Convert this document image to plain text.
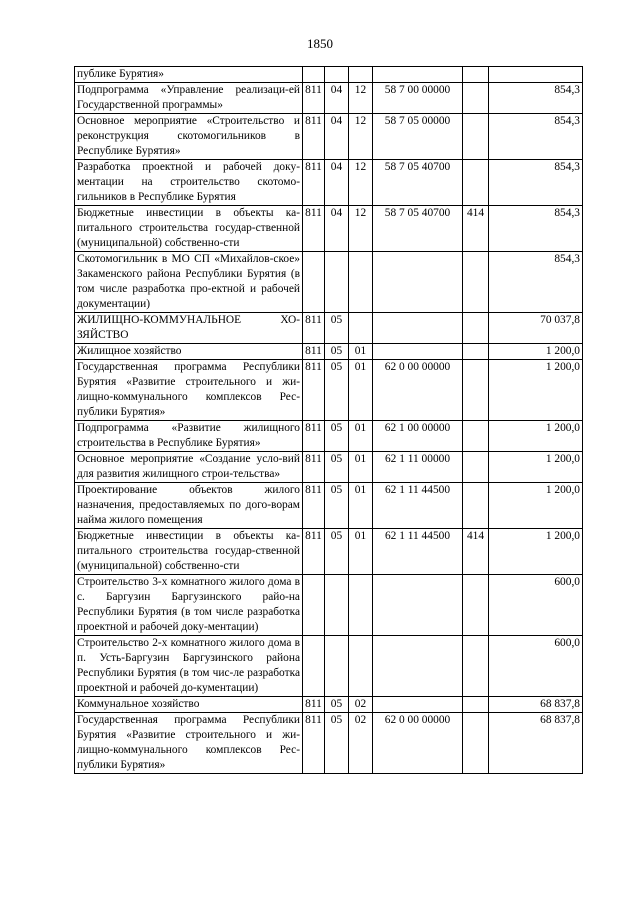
1850
публике Бурятия»						
Подпрограмма «Управление реализаци-ей Государственной программы»	811	04	12	58 7 00 00000		854,3
Основное мероприятие «Строительство и реконструкция скотомогильников в Республике Бурятия»	811	04	12	58 7 05 00000		854,3
Разработка проектной и рабочей доку-ментации на строительство скотомо-гильников в Республике Бурятия	811	04	12	58 7 05 40700		854,3
Бюджетные инвестиции в объекты ка-питального строительства государ-ственной (муниципальной) собственно-сти	811	04	12	58 7 05 40700	414	854,3
Скотомогильник в МО СП «Михайлов-ское» Закаменского района Республики Бурятия (в том числе разработка про-ектной и рабочей документации)						854,3
ЖИЛИЩНО-КОММУНАЛЬНОЕ ХО-ЗЯЙСТВО	811	05				70 037,8
Жилищное хозяйство	811	05	01			1 200,0
Государственная программа Республики Бурятия «Развитие строительного и жи-лищно-коммунального комплексов Рес-публики Бурятия»	811	05	01	62 0 00 00000		1 200,0
Подпрограмма «Развитие жилищного строительства в Республике Бурятия»	811	05	01	62 1 00 00000		1 200,0
Основное мероприятие «Создание усло-вий для развития жилищного строи-тельства»	811	05	01	62 1 11 00000		1 200,0
Проектирование объектов жилого назначения, предоставляемых по дого-ворам найма жилого помещения	811	05	01	62 1 11 44500		1 200,0
Бюджетные инвестиции в объекты ка-питального строительства государ-ственной (муниципальной) собственно-сти	811	05	01	62 1 11 44500	414	1 200,0
Строительство 3-х комнатного жилого дома в с. Баргузин Баргузинского райо-на Республики Бурятия (в том числе разработка проектной и рабочей доку-ментации)						600,0
Строительство 2-х комнатного жилого дома в п. Усть-Баргузин Баргузинского района Республики Бурятия (в том чис-ле разработка проектной и рабочей до-кументации)						600,0
Коммунальное хозяйство	811	05	02			68 837,8
Государственная программа Республики Бурятия «Развитие строительного и жи-лищно-коммунального комплексов Рес-публики Бурятия»	811	05	02	62 0 00 00000		68 837,8
